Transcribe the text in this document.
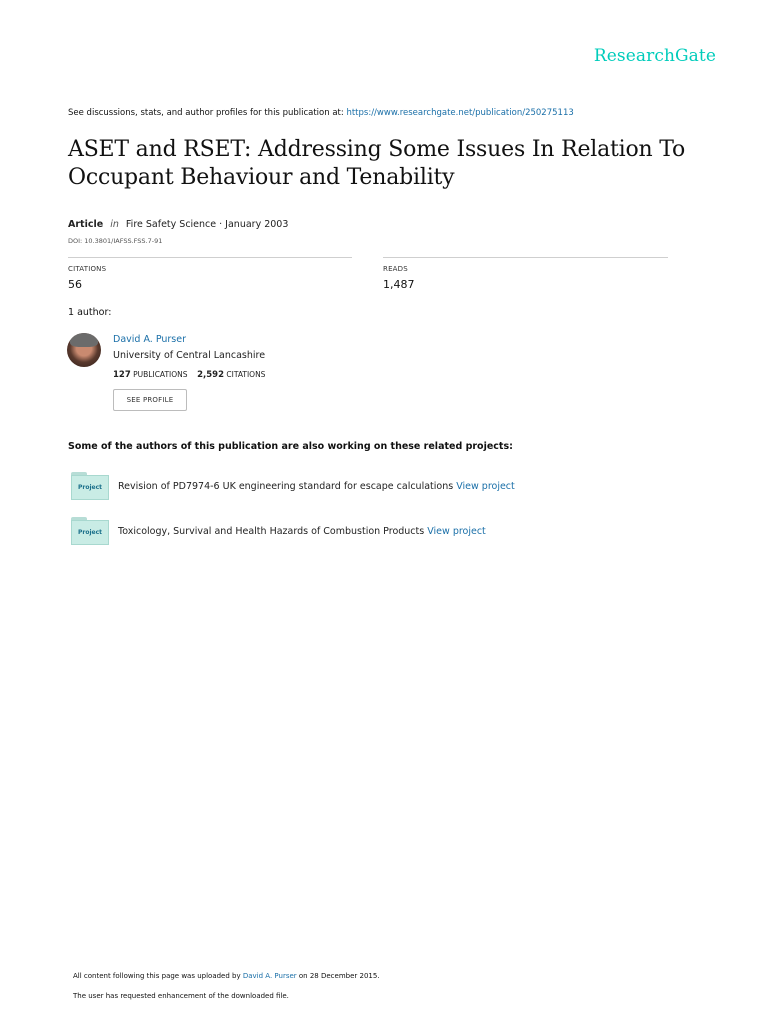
ResearchGate
See discussions, stats, and author profiles for this publication at: https://www.researchgate.net/publication/250275113
ASET and RSET: Addressing Some Issues In Relation To Occupant Behaviour and Tenability
Article in Fire Safety Science · January 2003
DOI: 10.3801/IAFSS.FSS.7-91
CITATIONS
56
READS
1,487
1 author:
David A. Purser
University of Central Lancashire
127 PUBLICATIONS 2,592 CITATIONS
SEE PROFILE
Some of the authors of this publication are also working on these related projects:
Project	Revision of PD7974-6 UK engineering standard for escape calculations View project
Project	Toxicology, Survival and Health Hazards of Combustion Products View project
All content following this page was uploaded by David A. Purser on 28 December 2015.
The user has requested enhancement of the downloaded file.
